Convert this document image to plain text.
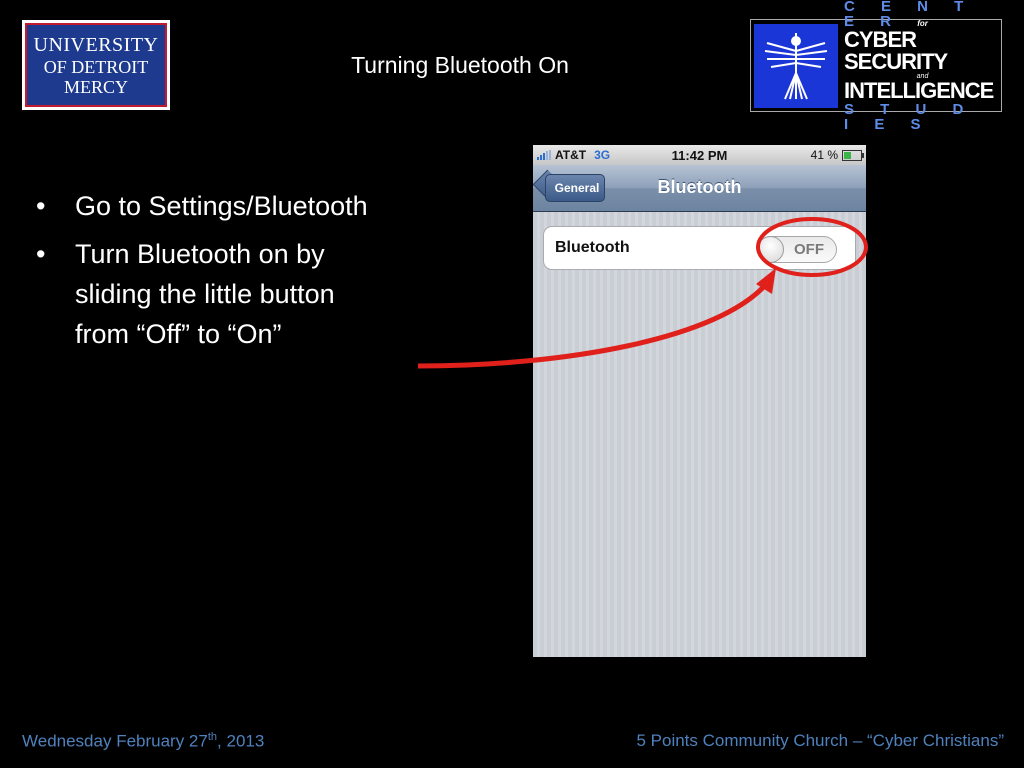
UNIVERSITY
OF DETROIT
MERCY
Turning Bluetooth On
C E N T E R for
CYBER SECURITY
and
INTELLIGENCE
S T U D I E S
• Go to Settings/Bluetooth
• Turn Bluetooth on by sliding the little button from “Off” to “On”
AT&T 3G	11:42 PM	41 %
General	Bluetooth
Bluetooth	OFF
Wednesday February 27th, 2013	5 Points Community Church – “Cyber Christians”
